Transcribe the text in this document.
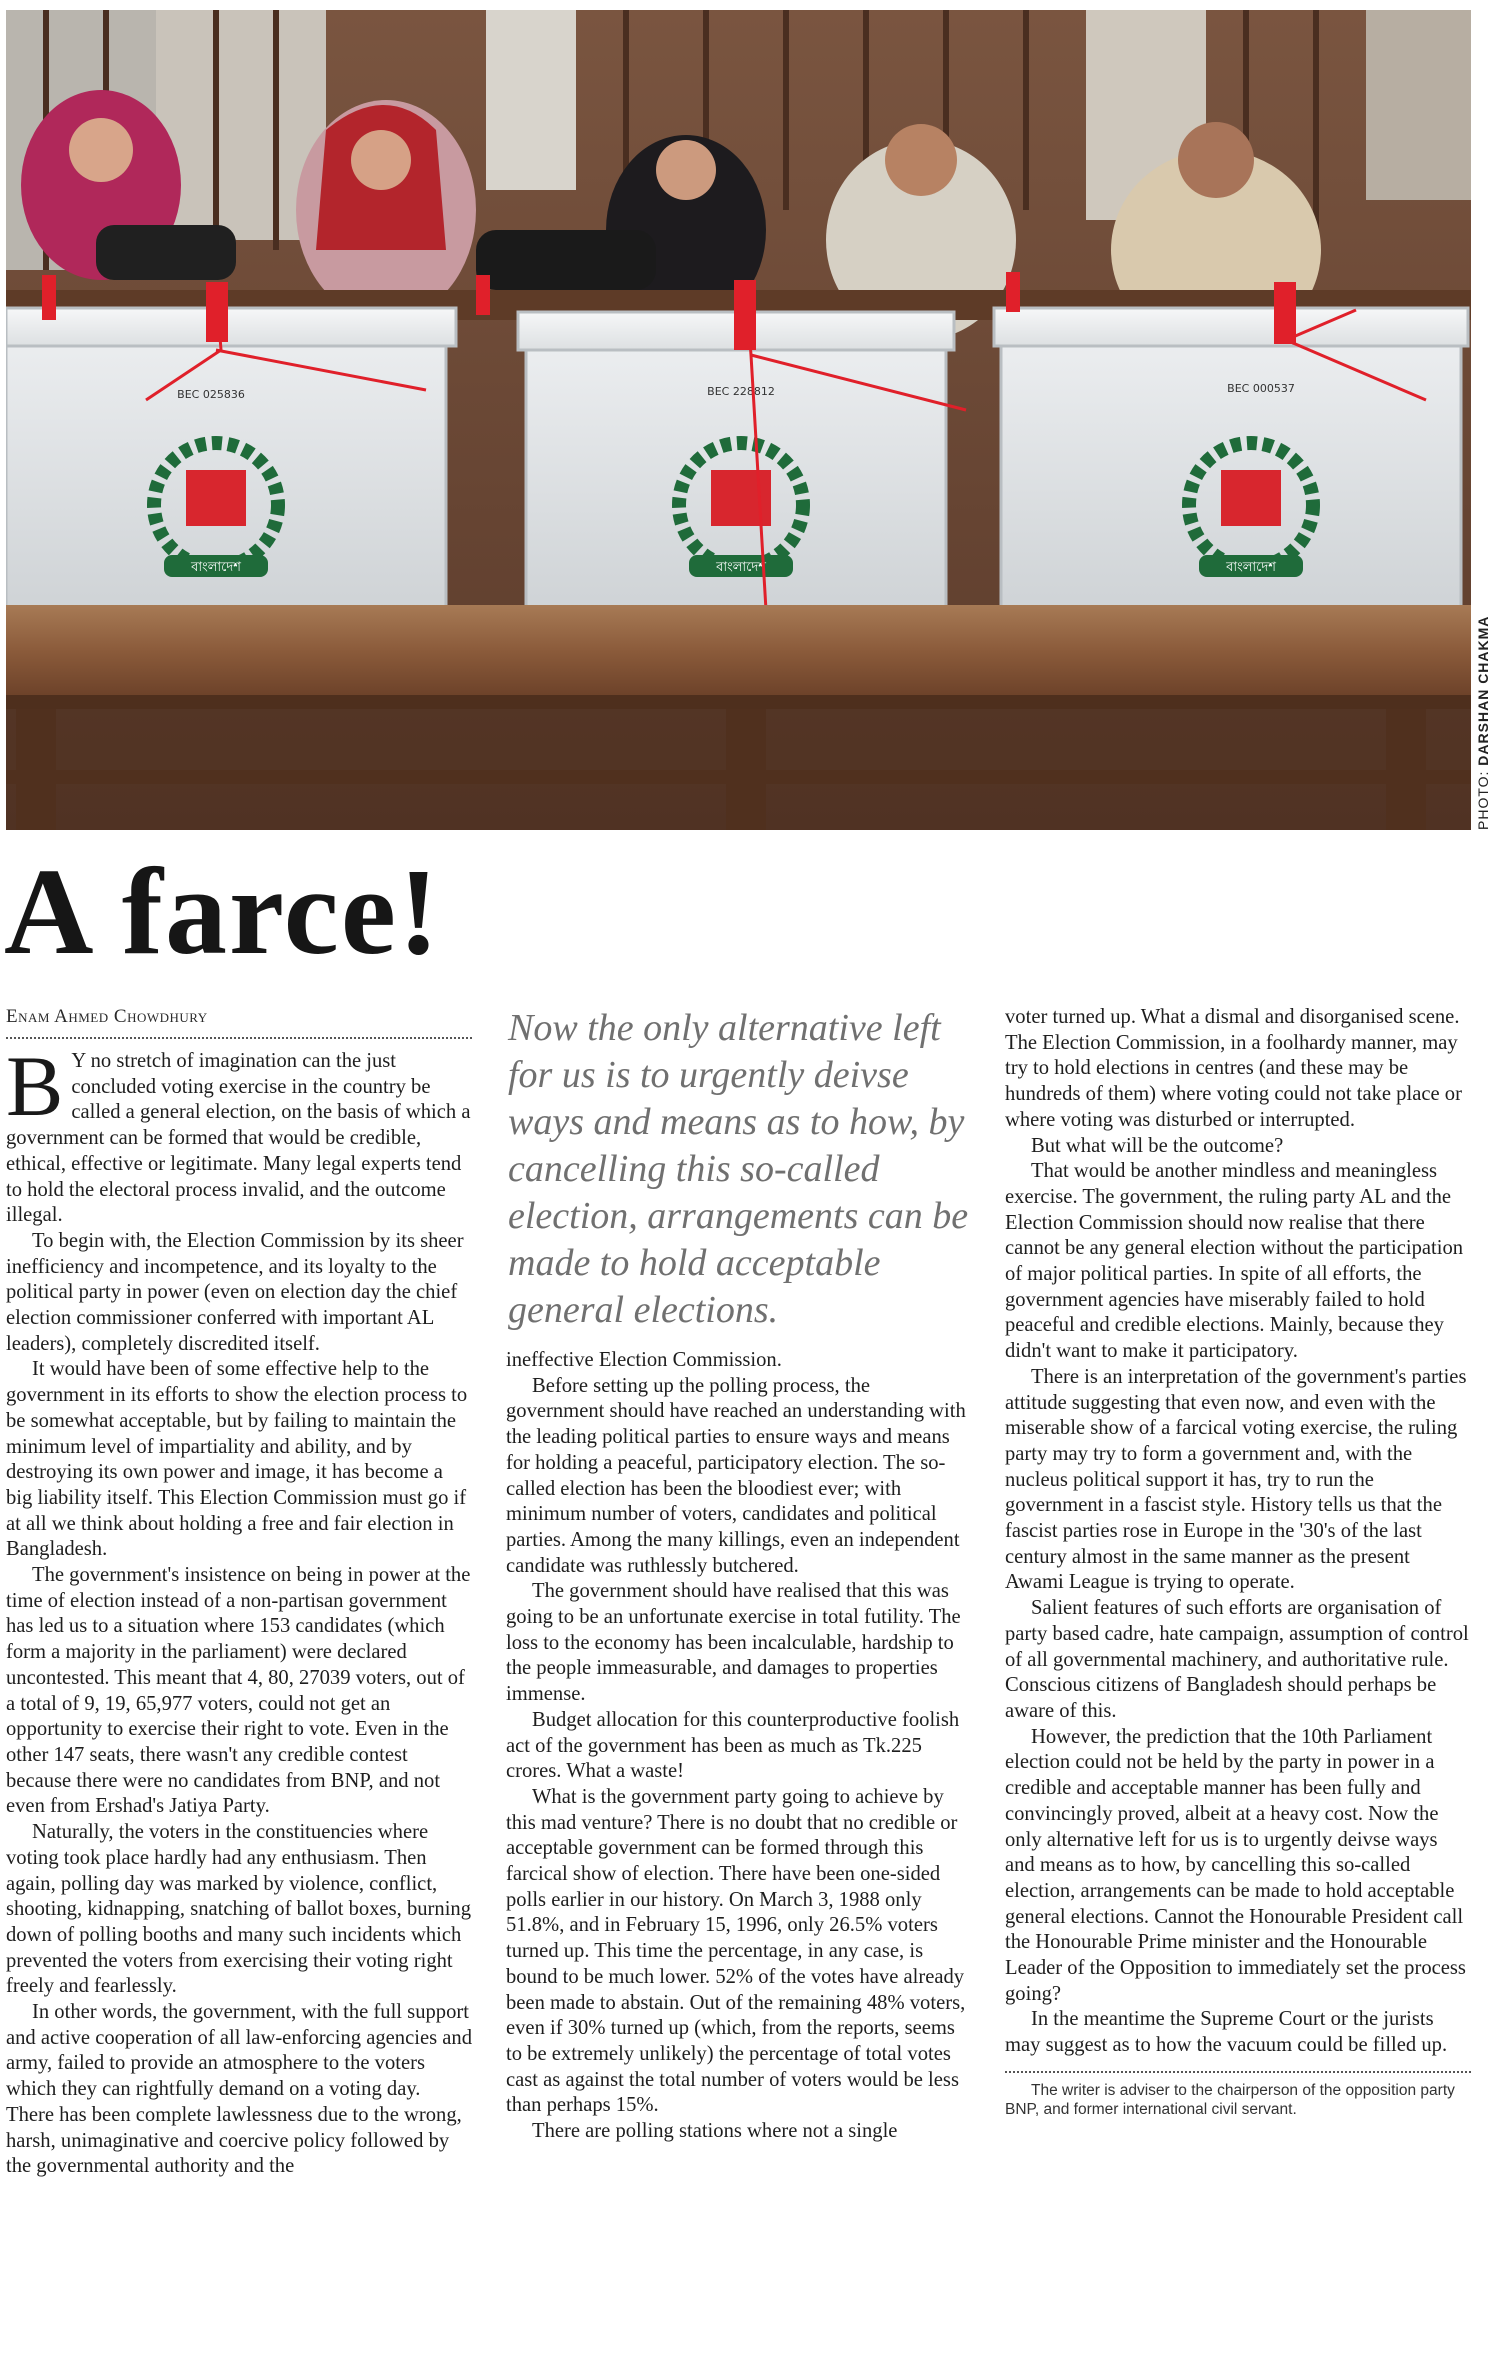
বাংলাদেশ
BEC 025836
বাংলাদেশ
BEC 228812
বাংলাদেশ
BEC 000537
PHOTO: DARSHAN CHAKMA
A farce!
Enam Ahmed Chowdhury

B Y no stretch of imagination can the just concluded voting exercise in the country be called a general election, on the basis of which a government can be formed that would be credible, ethical, effective or legitimate. Many legal experts tend to hold the electoral process invalid, and the outcome illegal.

To begin with, the Election Commission by its sheer inefficiency and incompetence, and its loyalty to the political party in power (even on election day the chief election commissioner conferred with important AL leaders), completely discredited itself.

It would have been of some effective help to the government in its efforts to show the election process to be somewhat acceptable, but by failing to maintain the minimum level of impartiality and ability, and by destroying its own power and image, it has become a big liability itself. This Election Commission must go if at all we think about holding a free and fair election in Bangladesh.

The government's insistence on being in power at the time of election instead of a non-partisan government has led us to a situation where 153 candidates (which form a majority in the parliament) were declared uncontested. This meant that 4, 80, 27039 voters, out of a total of 9, 19, 65,977 voters, could not get an opportunity to exercise their right to vote. Even in the other 147 seats, there wasn't any credible contest because there were no candidates from BNP, and not even from Ershad's Jatiya Party.

Naturally, the voters in the constituencies where voting took place hardly had any enthusiasm. Then again, polling day was marked by violence, conflict, shooting, kidnapping, snatching of ballot boxes, burning down of polling booths and many such incidents which prevented the voters from exercising their voting right freely and fearlessly.

In other words, the government, with the full support and active cooperation of all law-enforcing agencies and army, failed to provide an atmosphere to the voters which they can rightfully demand on a voting day. There has been complete lawlessness due to the wrong, harsh, unimaginative and coercive policy followed by the governmental authority and the

Now the only alternative left for us is to urgently deivse ways and means as to how, by cancelling this so-called election, arrangements can be made to hold acceptable general elections.

ineffective Election Commission.

Before setting up the polling process, the government should have reached an understanding with the leading political parties to ensure ways and means for holding a peaceful, participatory election. The so-called election has been the bloodiest ever; with minimum number of voters, candidates and political parties. Among the many killings, even an independent candidate was ruthlessly butchered.

The government should have realised that this was going to be an unfortunate exercise in total futility. The loss to the economy has been incalculable, hardship to the people immeasurable, and damages to properties immense.

Budget allocation for this counterproductive foolish act of the government has been as much as Tk.225 crores. What a waste!

What is the government party going to achieve by this mad venture? There is no doubt that no credible or acceptable government can be formed through this farcical show of election. There have been one-sided polls earlier in our history. On March 3, 1988 only 51.8%, and in February 15, 1996, only 26.5% voters turned up. This time the percentage, in any case, is bound to be much lower. 52% of the votes have already been made to abstain. Out of the remaining 48% voters, even if 30% turned up (which, from the reports, seems to be extremely unlikely) the percentage of total votes cast as against the total number of voters would be less than perhaps 15%.

There are polling stations where not a single

voter turned up. What a dismal and disorganised scene. The Election Commission, in a foolhardy manner, may try to hold elections in centres (and these may be hundreds of them) where voting could not take place or where voting was disturbed or interrupted.

But what will be the outcome?

That would be another mindless and meaningless exercise. The government, the ruling party AL and the Election Commission should now realise that there cannot be any general election without the participation of major political parties. In spite of all efforts, the government agencies have miserably failed to hold peaceful and credible elections. Mainly, because they didn't want to make it participatory.

There is an interpretation of the government's parties attitude suggesting that even now, and even with the miserable show of a farcical voting exercise, the ruling party may try to form a government and, with the nucleus political support it has, try to run the government in a fascist style. History tells us that the fascist parties rose in Europe in the '30's of the last century almost in the same manner as the present Awami League is trying to operate.

Salient features of such efforts are organisation of party based cadre, hate campaign, assumption of control of all governmental machinery, and authoritative rule. Conscious citizens of Bangladesh should perhaps be aware of this.

However, the prediction that the 10th Parliament election could not be held by the party in power in a credible and acceptable manner has been fully and convincingly proved, albeit at a heavy cost. Now the only alternative left for us is to urgently deivse ways and means as to how, by cancelling this so-called election, arrangements can be made to hold acceptable general elections. Cannot the Honourable President call the Honourable Prime minister and the Honourable Leader of the Opposition to immediately set the process going?

In the meantime the Supreme Court or the jurists may suggest as to how the vacuum could be filled up.

The writer is adviser to the chairperson of the opposition party BNP, and former international civil servant.
